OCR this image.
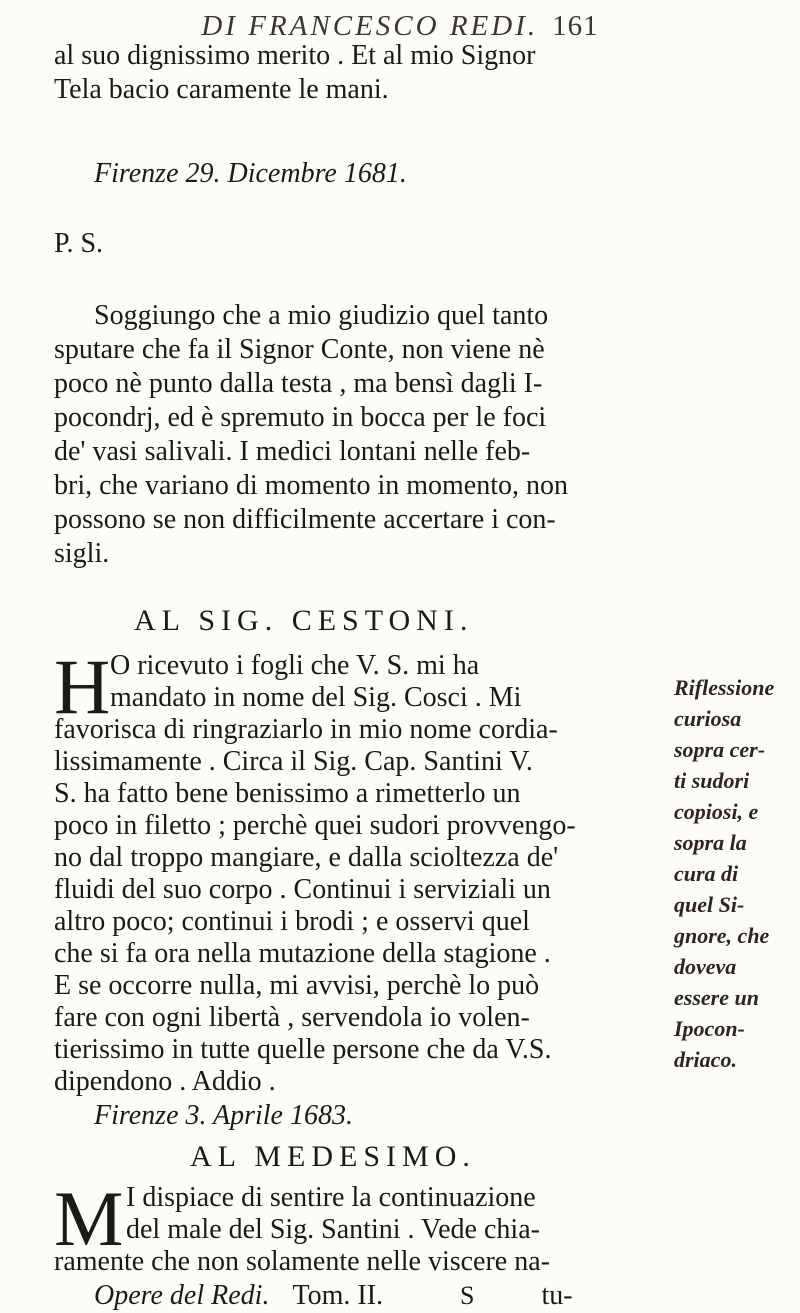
DI FRANCESCO REDI. 161
al suo dignissimo merito . Et al mio Signor
Tela bacio caramente le mani.
Firenze 29. Dicembre 1681.
P. S.
Soggiungo che a mio giudizio quel tanto
sputare che fa il Signor Conte, non viene nè
poco nè punto dalla testa , ma bensì dagli I-
pocondrj, ed è spremuto in bocca per le foci
de' vasi salivali. I medici lontani nelle feb-
bri, che variano di momento in momento, non
possono se non difficilmente accertare i con-
sigli.
AL SIG. CESTONI.
H O ricevuto i fogli che V. S. mi ha
mandato in nome del Sig. Cosci . Mi
favorisca di ringraziarlo in mio nome cordia-
lissimamente . Circa il Sig. Cap. Santini V.
S. ha fatto bene benissimo a rimetterlo un
poco in filetto ; perchè quei sudori provvengo-
no dal troppo mangiare, e dalla scioltezza de'
fluidi del suo corpo . Continui i serviziali un
altro poco; continui i brodi ; e osservi quel
che si fa ora nella mutazione della stagione .
E se occorre nulla, mi avvisi, perchè lo può
fare con ogni libertà , servendola io volen-
tierissimo in tutte quelle persone che da V.S.
dipendono . Addio .
Riflessione
curiosa
sopra cer-
ti sudori
copiosi, e
sopra la
cura di
quel Si-
gnore, che
doveva
essere un
Ipocon-
driaco.
Firenze 3. Aprile 1683.
AL MEDESIMO.
M I dispiace di sentire la continuazione
del male del Sig. Santini . Vede chia-
ramente che non solamente nelle viscere na-
Opere del Redi. Tom. II.	S tu-
